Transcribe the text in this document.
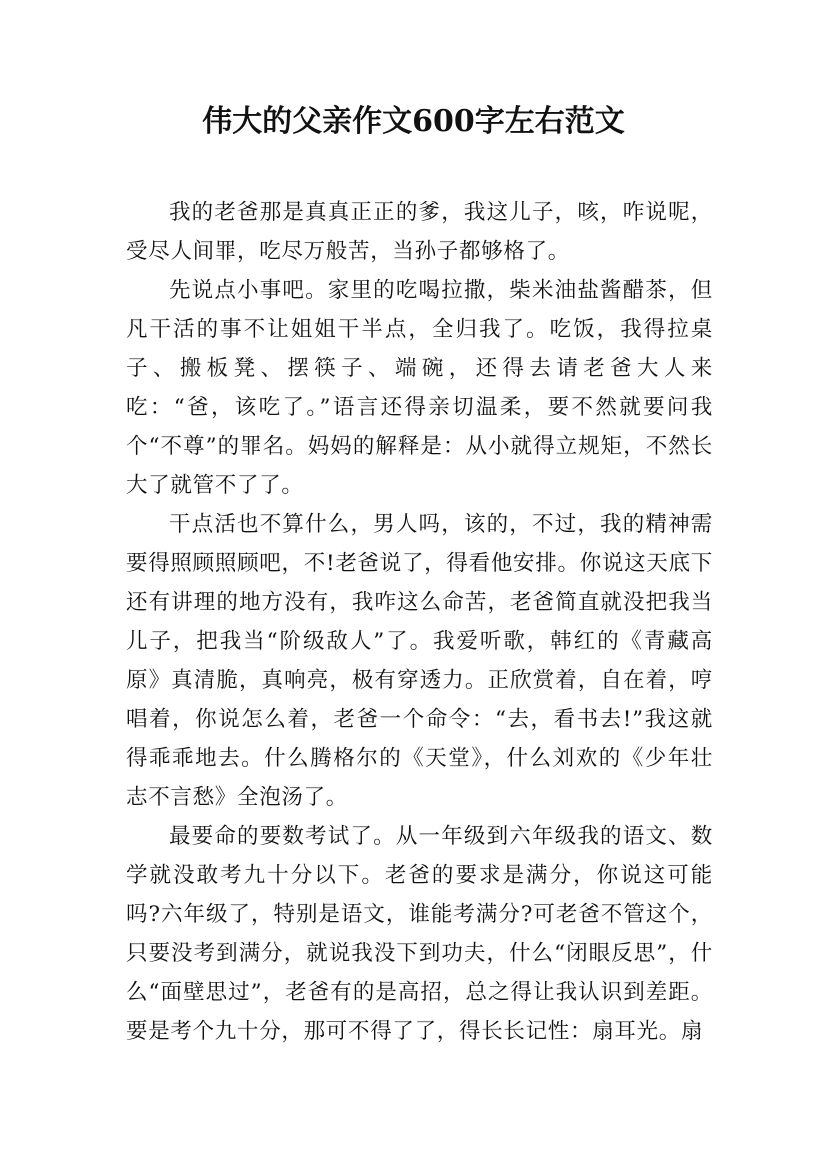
伟大的父亲作文600字左右范文

我的老爸那是真真正正的爹，我这儿子，咳，咋说呢，受尽人间罪，吃尽万般苦，当孙子都够格了。

先说点小事吧。家里的吃喝拉撒，柴米油盐酱醋茶，但凡干活的事不让姐姐干半点，全归我了。吃饭，我得拉桌子、搬板凳、摆筷子、端碗，还得去请老爸大人来吃：“爸，该吃了。”语言还得亲切温柔，要不然就要问我个“不尊”的罪名。妈妈的解释是：从小就得立规矩，不然长大了就管不了了。

干点活也不算什么，男人吗，该的，不过，我的精神需要得照顾照顾吧，不!老爸说了，得看他安排。你说这天底下还有讲理的地方没有，我咋这么命苦，老爸简直就没把我当儿子，把我当“阶级敌人”了。我爱听歌，韩红的《青藏高原》真清脆，真响亮，极有穿透力。正欣赏着，自在着，哼唱着，你说怎么着，老爸一个命令：“去，看书去!”我这就得乖乖地去。什么腾格尔的《天堂》，什么刘欢的《少年壮志不言愁》全泡汤了。

最要命的要数考试了。从一年级到六年级我的语文、数学就没敢考九十分以下。老爸的要求是满分，你说这可能吗?六年级了，特别是语文，谁能考满分?可老爸不管这个，只要没考到满分，就说我没下到功夫，什么“闭眼反思”，什么“面壁思过”，老爸有的是高招，总之得让我认识到差距。要是考个九十分，那可不得了了，得长长记性：扇耳光。扇
